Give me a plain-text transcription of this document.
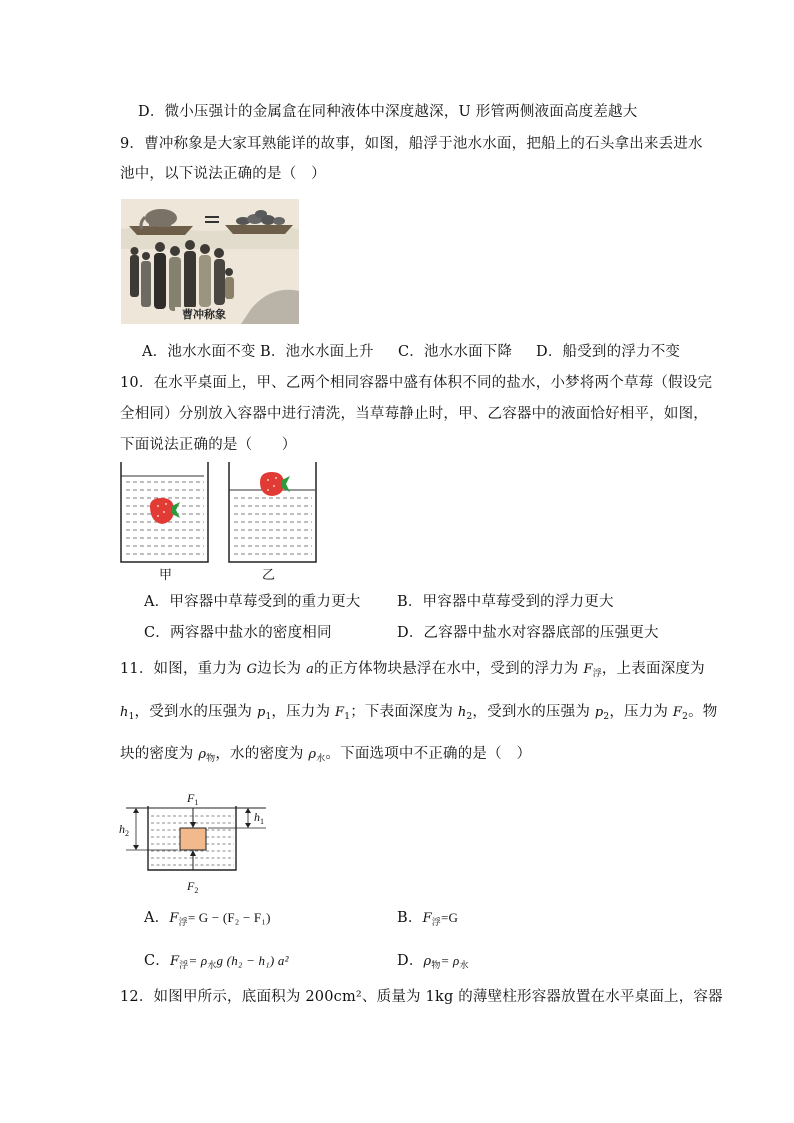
D．微小压强计的金属盒在同种液体中深度越深，U 形管两侧液面高度差越大
9．曹冲称象是大家耳熟能详的故事，如图，船浮于池水水面，把船上的石头拿出来丢进水
池中，以下说法正确的是（　）
曹冲称象
A．池水水面不变 B．池水水面上升 C．池水水面下降 D．船受到的浮力不变
10．在水平桌面上，甲、乙两个相同容器中盛有体积不同的盐水，小梦将两个草莓（假设完
全相同）分别放入容器中进行清洗，当草莓静止时，甲、乙容器中的液面恰好相平，如图，
下面说法正确的是（　　）
甲	乙
A．甲容器中草莓受到的重力更大	B．甲容器中草莓受到的浮力更大
C．两容器中盐水的密度相同	D．乙容器中盐水对容器底部的压强更大
11．如图，重力为 G边长为 a的正方体物块悬浮在水中，受到的浮力为 $F_浮$，上表面深度为
$h_1$，受到水的压强为 $p_1$，压力为 $F_1$；下表面深度为 $h_2$，受到水的压强为 $p_2$，压力为 $F_2$。物
块的密度为 $\rho_物$，水的密度为 $\rho_水$。下面选项中不正确的是（　）
$F_1$
$F_2$
$h_2$
$h_1$
A．$F_浮= G - (F_2 - F_1)$	B．$F_浮=G$
C．$F_浮= \rho_水g$ (h₂ − h₁) a²	D．$\rho_物= \rho_水$
12．如图甲所示，底面积为 200cm²、质量为 1kg 的薄壁柱形容器放置在水平桌面上，容器
